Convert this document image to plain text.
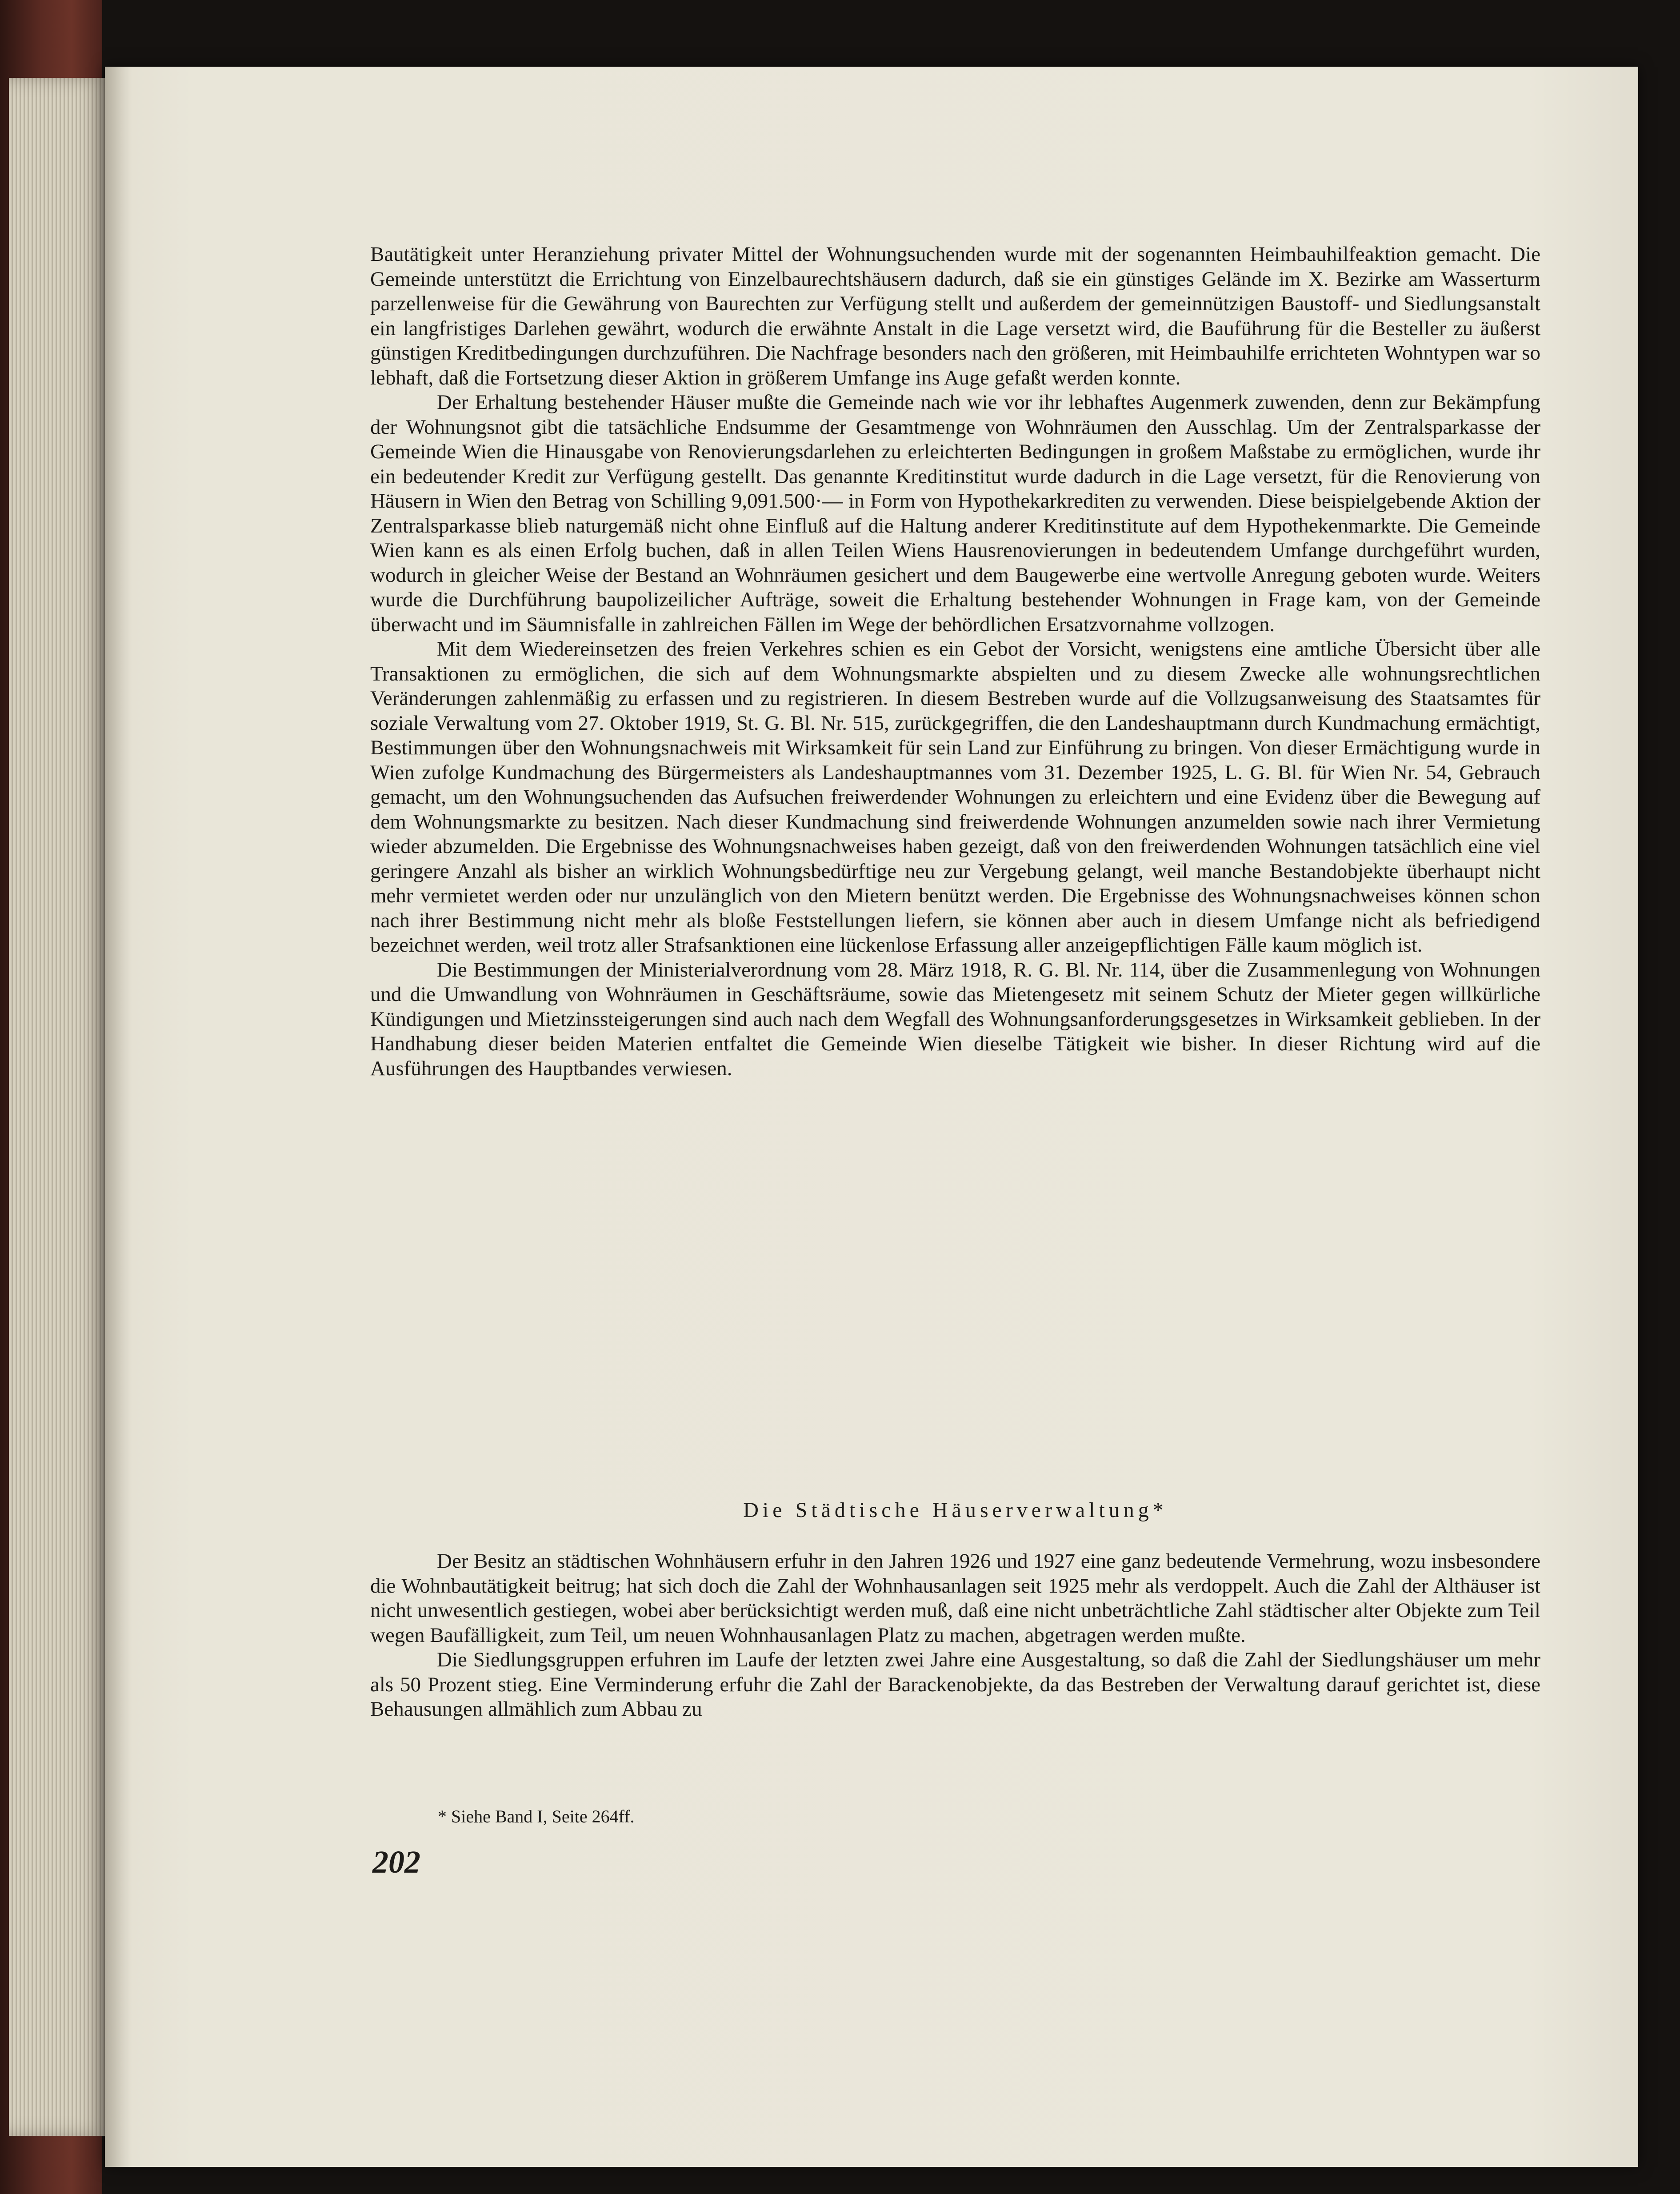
Bautätigkeit unter Heranziehung privater Mittel der Wohnungsuchenden wurde mit der sogenannten Heimbauhilfeaktion gemacht. Die Gemeinde unterstützt die Errichtung von Einzelbaurechtshäusern dadurch, daß sie ein günstiges Gelände im X. Bezirke am Wasserturm parzellenweise für die Gewährung von Baurechten zur Verfügung stellt und außerdem der gemeinnützigen Baustoff- und Siedlungsanstalt ein langfristiges Darlehen gewährt, wodurch die erwähnte Anstalt in die Lage versetzt wird, die Bauführung für die Besteller zu äußerst günstigen Kreditbedingungen durchzuführen. Die Nachfrage besonders nach den größeren, mit Heimbauhilfe errichteten Wohntypen war so lebhaft, daß die Fortsetzung dieser Aktion in größerem Umfange ins Auge gefaßt werden konnte.

Der Erhaltung bestehender Häuser mußte die Gemeinde nach wie vor ihr lebhaftes Augenmerk zuwenden, denn zur Bekämpfung der Wohnungsnot gibt die tatsächliche Endsumme der Gesamtmenge von Wohnräumen den Ausschlag. Um der Zentralsparkasse der Gemeinde Wien die Hinausgabe von Renovierungsdarlehen zu erleichterten Bedingungen in großem Maßstabe zu ermöglichen, wurde ihr ein bedeutender Kredit zur Verfügung gestellt. Das genannte Kreditinstitut wurde dadurch in die Lage versetzt, für die Renovierung von Häusern in Wien den Betrag von Schilling 9,091.500·— in Form von Hypothekarkrediten zu verwenden. Diese beispielgebende Aktion der Zentralsparkasse blieb naturgemäß nicht ohne Einfluß auf die Haltung anderer Kreditinstitute auf dem Hypothekenmarkte. Die Gemeinde Wien kann es als einen Erfolg buchen, daß in allen Teilen Wiens Hausrenovierungen in bedeutendem Umfange durchgeführt wurden, wodurch in gleicher Weise der Bestand an Wohnräumen gesichert und dem Baugewerbe eine wertvolle Anregung geboten wurde. Weiters wurde die Durchführung baupolizeilicher Aufträge, soweit die Erhaltung bestehender Wohnungen in Frage kam, von der Gemeinde überwacht und im Säumnisfalle in zahlreichen Fällen im Wege der behördlichen Ersatzvornahme vollzogen.

Mit dem Wiedereinsetzen des freien Verkehres schien es ein Gebot der Vorsicht, wenigstens eine amtliche Übersicht über alle Transaktionen zu ermöglichen, die sich auf dem Wohnungsmarkte abspielten und zu diesem Zwecke alle wohnungsrechtlichen Veränderungen zahlenmäßig zu erfassen und zu registrieren. In diesem Bestreben wurde auf die Vollzugsanweisung des Staatsamtes für soziale Verwaltung vom 27. Oktober 1919, St. G. Bl. Nr. 515, zurückgegriffen, die den Landeshauptmann durch Kundmachung ermächtigt, Bestimmungen über den Wohnungsnachweis mit Wirksamkeit für sein Land zur Einführung zu bringen. Von dieser Ermächtigung wurde in Wien zufolge Kundmachung des Bürgermeisters als Landeshauptmannes vom 31. Dezember 1925, L. G. Bl. für Wien Nr. 54, Gebrauch gemacht, um den Wohnungsuchenden das Aufsuchen freiwerdender Wohnungen zu erleichtern und eine Evidenz über die Bewegung auf dem Wohnungsmarkte zu besitzen. Nach dieser Kundmachung sind freiwerdende Wohnungen anzumelden sowie nach ihrer Vermietung wieder abzumelden. Die Ergebnisse des Wohnungsnachweises haben gezeigt, daß von den freiwerdenden Wohnungen tatsächlich eine viel geringere Anzahl als bisher an wirklich Wohnungsbedürftige neu zur Vergebung gelangt, weil manche Bestandobjekte überhaupt nicht mehr vermietet werden oder nur unzulänglich von den Mietern benützt werden. Die Ergebnisse des Wohnungsnachweises können schon nach ihrer Bestimmung nicht mehr als bloße Feststellungen liefern, sie können aber auch in diesem Umfange nicht als befriedigend bezeichnet werden, weil trotz aller Strafsanktionen eine lückenlose Erfassung aller anzeigepflichtigen Fälle kaum möglich ist.

Die Bestimmungen der Ministerialverordnung vom 28. März 1918, R. G. Bl. Nr. 114, über die Zusammenlegung von Wohnungen und die Umwandlung von Wohnräumen in Geschäftsräume, sowie das Mietengesetz mit seinem Schutz der Mieter gegen willkürliche Kündigungen und Mietzinssteigerungen sind auch nach dem Wegfall des Wohnungsanforderungsgesetzes in Wirksamkeit geblieben. In der Handhabung dieser beiden Materien entfaltet die Gemeinde Wien dieselbe Tätigkeit wie bisher. In dieser Richtung wird auf die Ausführungen des Hauptbandes verwiesen.

Die Städtische Häuserverwaltung*

Der Besitz an städtischen Wohnhäusern erfuhr in den Jahren 1926 und 1927 eine ganz bedeutende Vermehrung, wozu insbesondere die Wohnbautätigkeit beitrug; hat sich doch die Zahl der Wohnhausanlagen seit 1925 mehr als verdoppelt. Auch die Zahl der Althäuser ist nicht unwesentlich gestiegen, wobei aber berücksichtigt werden muß, daß eine nicht unbeträchtliche Zahl städtischer alter Objekte zum Teil wegen Baufälligkeit, zum Teil, um neuen Wohnhausanlagen Platz zu machen, abgetragen werden mußte.

Die Siedlungsgruppen erfuhren im Laufe der letzten zwei Jahre eine Ausgestaltung, so daß die Zahl der Siedlungshäuser um mehr als 50 Prozent stieg. Eine Verminderung erfuhr die Zahl der Barackenobjekte, da das Bestreben der Verwaltung darauf gerichtet ist, diese Behausungen allmählich zum Abbau zu

* Siehe Band I, Seite 264ff.
202
